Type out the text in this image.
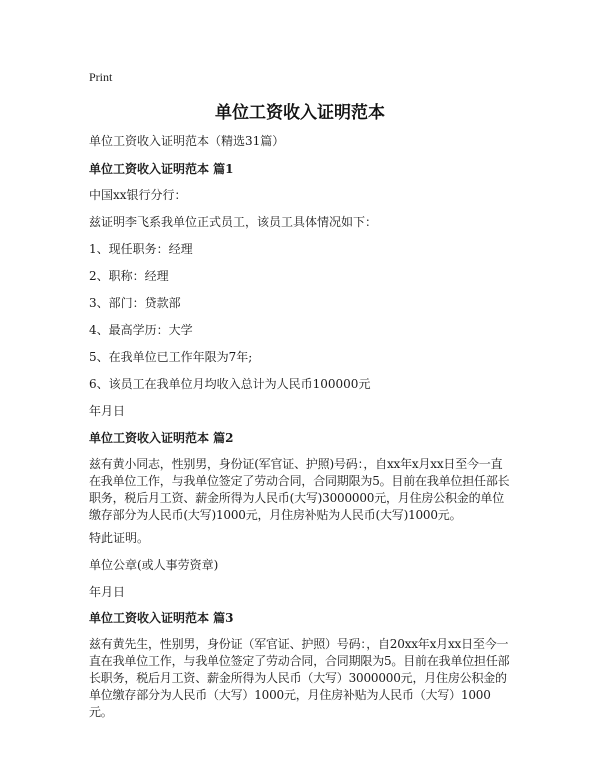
Print
单位工资收入证明范本
单位工资收入证明范本（精选31篇）
单位工资收入证明范本 篇1
中国xx银行分行：
兹证明李飞系我单位正式员工，该员工具体情况如下：
1、现任职务：经理
2、职称：经理
3、部门：贷款部
4、最高学历：大学
5、在我单位已工作年限为7年;
6、该员工在我单位月均收入总计为人民币100000元
年月日
单位工资收入证明范本 篇2
兹有黄小同志，性别男，身份证(军官证、护照)号码：，自xx年x月xx日至今一直在我单位工作，与我单位签定了劳动合同，合同期限为5。目前在我单位担任部长职务，税后月工资、薪金所得为人民币(大写)3000000元，月住房公积金的单位缴存部分为人民币(大写)1000元，月住房补贴为人民币(大写)1000元。
特此证明。
单位公章(或人事劳资章)
年月日
单位工资收入证明范本 篇3
兹有黄先生，性别男，身份证（军官证、护照）号码：，自20xx年x月xx日至今一直在我单位工作，与我单位签定了劳动合同，合同期限为5。目前在我单位担任部长职务，税后月工资、薪金所得为人民币（大写）3000000元，月住房公积金的单位缴存部分为人民币（大写）1000元，月住房补贴为人民币（大写）1000元。
